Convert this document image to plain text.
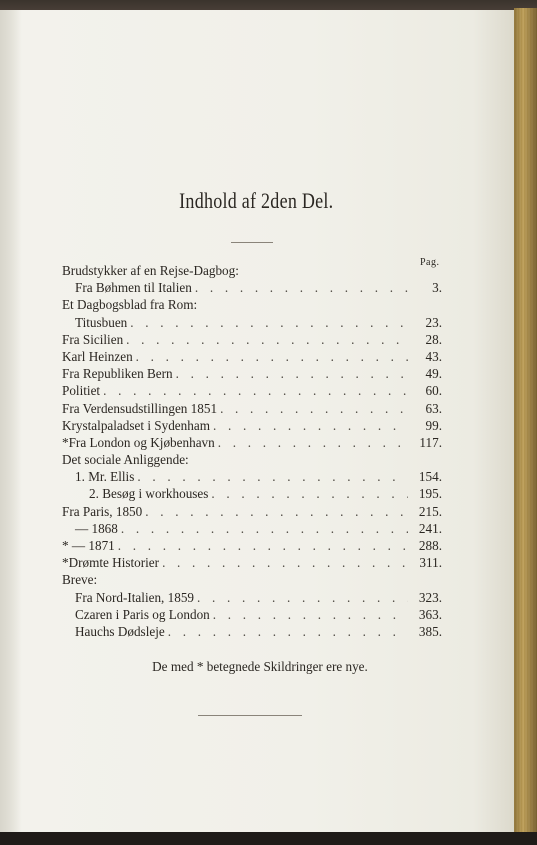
Indhold af 2den Del.
Pag.
Brudstykker af en Rejse-Dagbog:
Fra Bøhmen til Italien . . .	3.
Et Dagbogsblad fra Rom:
Titusbuen . . .	23.
Fra Sicilien . . .	28.
Karl Heinzen . . .	43.
Fra Republiken Bern . . .	49.
Politiet . . .	60.
Fra Verdensudstillingen 1851 . . .	63.
Krystalpaladset i Sydenham . . .	99.
*Fra London og Kjøbenhavn . . .	117.
Det sociale Anliggende:
1. Mr. Ellis . . .	154.
2. Besøg i workhouses . . .	195.
Fra Paris, 1850 . . .	215.
— 1868 . . .	241.
* — 1871 . . .	288.
*Drømte Historier . . .	311.
Breve:
Fra Nord-Italien, 1859 . . .	323.
Czaren i Paris og London . . .	363.
Hauchs Dødsleje . . .	385.
De med * betegnede Skildringer ere nye.
